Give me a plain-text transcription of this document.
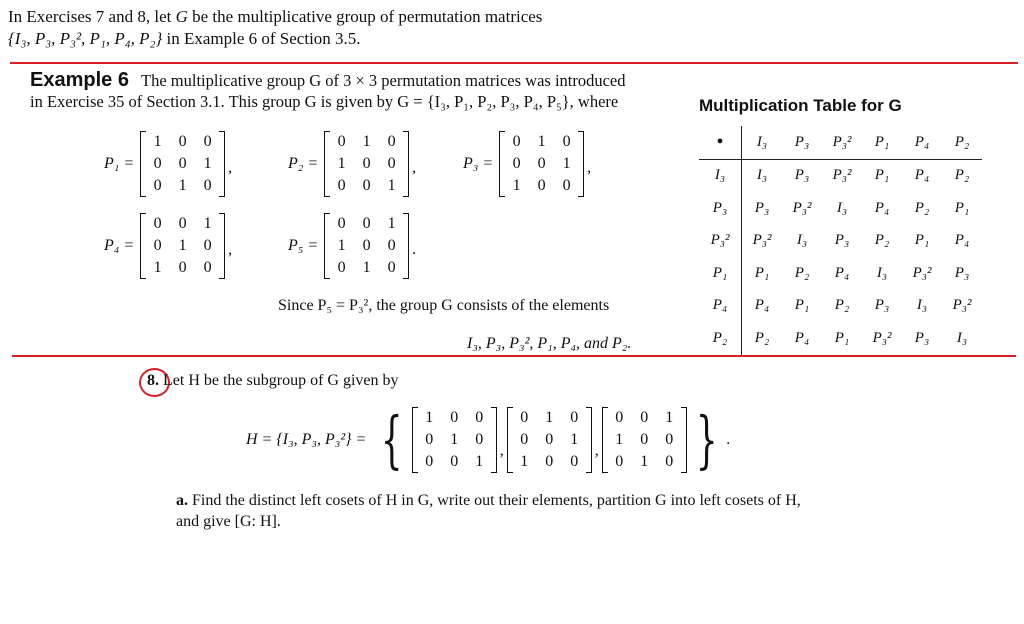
In Exercises 7 and 8, let G be the multiplicative group of permutation matrices
{I₃, P₃, P₃², P₁, P₄, P₂} in Example 6 of Section 3.5.
Example 6 The multiplicative group G of 3 × 3 permutation matrices was introduced
in Exercise 35 of Section 3.1. This group G is given by G = {I₃, P₁, P₂, P₃, P₄, P₅}, where	Multiplication Table for G
P₁ =
1	0	0
0	0	1
0	1	0
,	P₂ =
0	1	0
1	0	0
0	0	1
,	P₃ =
0	1	0
0	0	1
1	0	0
,
P₄ =
0	0	1
0	1	0
1	0	0
,	P₅ =
0	0	1
1	0	0
0	1	0
.
Since P₅ = P₃², the group G consists of the elements
I₃, P₃, P₃², P₁, P₄, and P₂.
•	I₃	P₃	P₃²	P₁	P₄	P₂
I₃	I₃	P₃	P₃²	P₁	P₄	P₂
P₃	P₃	P₃²	I₃	P₄	P₂	P₁
P₃²	P₃²	I₃	P₃	P₂	P₁	P₄
P₁	P₁	P₂	P₄	I₃	P₃²	P₃
P₄	P₄	P₁	P₂	P₃	I₃	P₃²
P₂	P₂	P₄	P₁	P₃²	P₃	I₃
8. Let H be the subgroup of G given by
H = {I₃, P₃, P₃²} = {	1	0	0
0	1	0
0	0	1
,
0	1	0
0	0	1
1	0	0
,
0	0	1
1	0	0
0	1	0 } .
a. Find the distinct left cosets of H in G, write out their elements, partition G into left cosets of H, and give [G: H].
